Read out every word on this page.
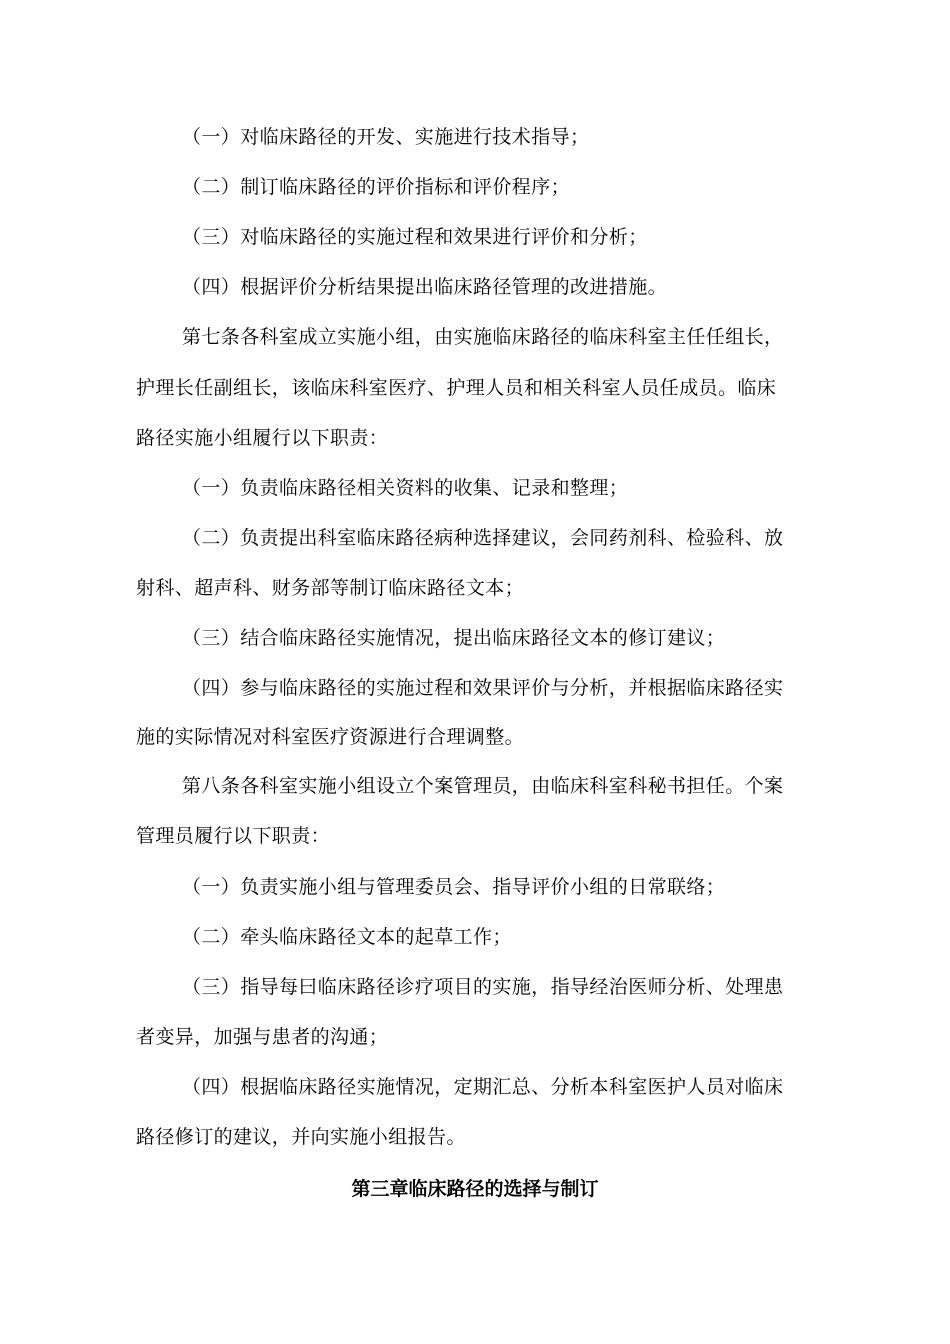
（一）对临床路径的开发、实施进行技术指导；
（二）制订临床路径的评价指标和评价程序；
（三）对临床路径的实施过程和效果进行评价和分析；
（四）根据评价分析结果提出临床路径管理的改进措施。
第七条各科室成立实施小组，由实施临床路径的临床科室主任任组长，
护理长任副组长，该临床科室医疗、护理人员和相关科室人员任成员。临床
路径实施小组履行以下职责：
（一）负责临床路径相关资料的收集、记录和整理；
（二）负责提出科室临床路径病种选择建议，会同药剂科、检验科、放
射科、超声科、财务部等制订临床路径文本；
（三）结合临床路径实施情况，提出临床路径文本的修订建议；
（四）参与临床路径的实施过程和效果评价与分析，并根据临床路径实
施的实际情况对科室医疗资源进行合理调整。
第八条各科室实施小组设立个案管理员，由临床科室科秘书担任。个案
管理员履行以下职责：
（一）负责实施小组与管理委员会、指导评价小组的日常联络；
（二）牵头临床路径文本的起草工作；
（三）指导每曰临床路径诊疗项目的实施，指导经治医师分析、处理患
者变异，加强与患者的沟通；
（四）根据临床路径实施情况，定期汇总、分析本科室医护人员对临床
路径修订的建议，并向实施小组报告。
第三章临床路径的选择与制订
